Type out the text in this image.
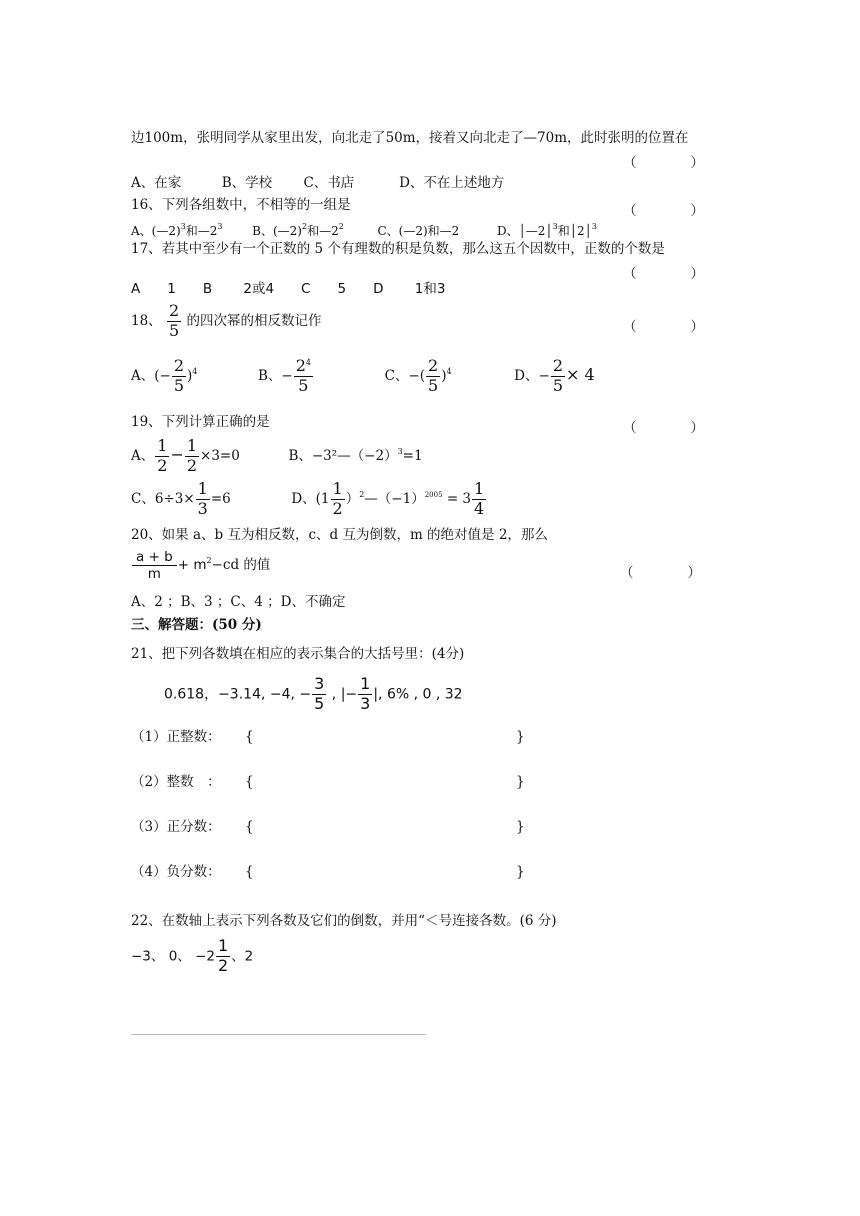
边100m，张明同学从家里出发，向北走了50m，接着又向北走了—70m，此时张明的位置在
（　　　　）
A、在家　　　B、学校　　 C、书店　　　 D、不在上述地方
16、下列各组数中，不相等的一组是	（　　　　）
A、(—2)$^3$和$—2^3$ B、(—2)$^2$和$—2^2$	C、(—2)和—2	D、│—2│$^3$和│2│$^3$
17、若其中至少有一个正数的 5 个有理数的积是负数，那么这五个因数中，正数的个数是
（　　　　）
A　　1　　B　　 2或4　　C　　5　　D　　 1和3
18、 $\frac{2}{5}$ 的四次幂的相反数记作	（　　　　）
A、(− $\frac{2}{5} )^4$	B、− $\frac{2^4}{5}$	C、−( $\frac{2}{5} )^4$	D、− $\frac{2}{5} \times 4$
19、下列计算正确的是	（　　　　）
A、 $\frac{1}{2} - \frac{1}{2} \times 3=0$	B、$-3^2—(-2)^3=1$
C、$6\div 3\times \frac{1}{3} =6$	D、($1 \frac{1}{2}$ ）$^2—(-1)^{2005} = 3 \frac{1}{4}$
20、如果 a、b 互为相反数，c、d 互为倒数，m 的绝对值是 2，那么
$\frac{a + b}{m} + m^2-cd$ 的值	（　　　　）
A、2 ；B、3 ；C、4 ；D、不确定
三、解答题：(50 分)
21、把下列各数填在相应的表示集合的大括号里：(4分)
0.618，−3.14, −4, − $\frac{3}{5}$ , |− $\frac{1}{3}$ |, 6% , 0 , 32
（1）正整数： {	}
（2）整数　： {	}
（3）正分数： {	}
（4）负分数： {	}
22、在数轴上表示下列各数及它们的倒数，并用“＜号连接各数。(6 分)
−3、 0、 $-2 \frac{1}{2}$ 、2
